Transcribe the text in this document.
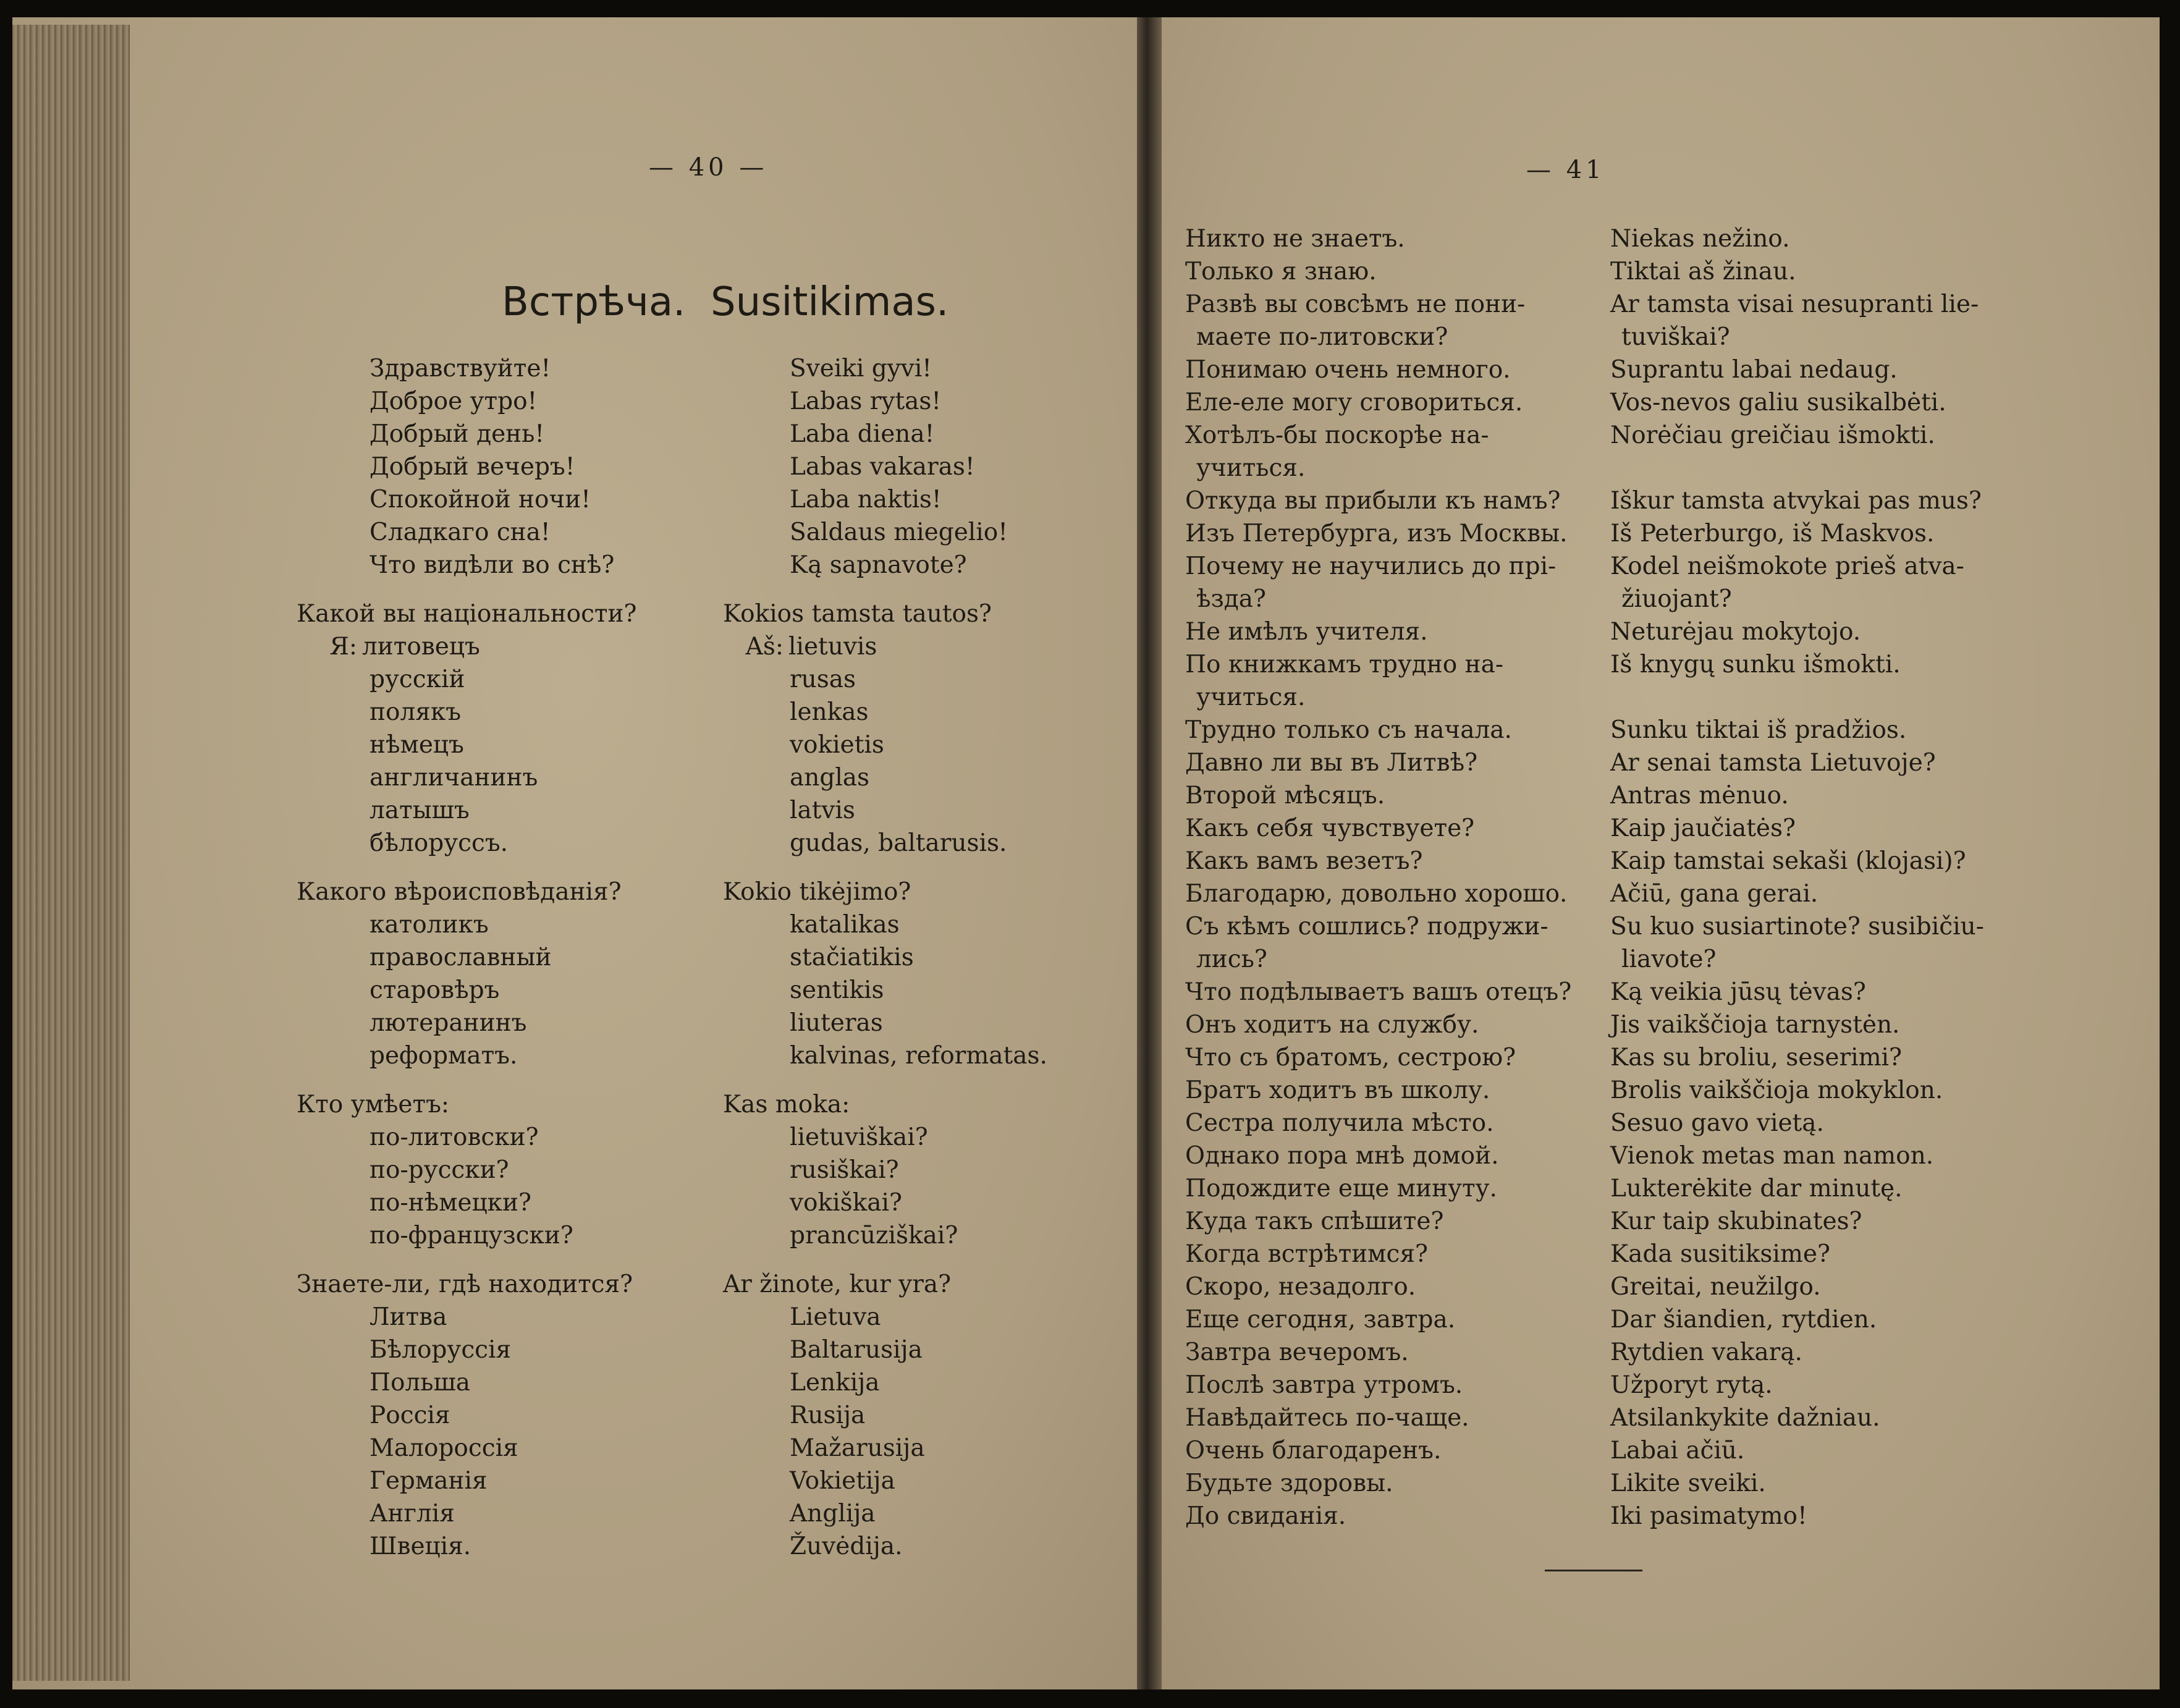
— 40 —
Встрѣча. Susitikimas.
Здравствуйте!
Доброе утро!
Добрый день!
Добрый вечеръ!
Спокойной ночи!
Сладкаго сна!
Что видѣли во снѣ?
Какой вы національности?
Я: литовецъ
русскій
полякъ
нѣмецъ
англичанинъ
латышъ
бѣлоруссъ.
Какого вѣроисповѣданія?
католикъ
православный
старовѣръ
лютеранинъ
реформатъ.
Кто умѣетъ:
по-литовски?
по-русски?
по-нѣмецки?
по-французски?
Знаете-ли, гдѣ находится?
Литва
Бѣлоруссія
Польша
Россія
Малороссія
Германія
Англія
Швеція.
Sveiki gyvi!
Labas rytas!
Laba diena!
Labas vakaras!
Laba naktis!
Saldaus miegelio!
Ką sapnavote?
Kokios tamsta tautos?
Aš: lietuvis
rusas
lenkas
vokietis
anglas
latvis
gudas, baltarusis.
Kokio tikėjimo?
katalikas
stačiatikis
sentikis
liuteras
kalvinas, reformatas.
Kas moka:
lietuviškai?
rusiškai?
vokiškai?
prancūziškai?
Ar žinote, kur yra?
Lietuva
Baltarusija
Lenkija
Rusija
Mažarusija
Vokietija
Anglija
Žuvėdija.
— 41
Никто не знаетъ.
Только я знаю.
Развѣ вы совсѣмъ не пони-
маете по-литовски?
Понимаю очень немного.
Еле-еле могу сговориться.
Хотѣлъ-бы поскорѣе на-
учиться.
Откуда вы прибыли къ намъ?
Изъ Петербурга, изъ Москвы.
Почему не научились до прі-
ѣзда?
Не имѣлъ учителя.
По книжкамъ трудно на-
учиться.
Трудно только съ начала.
Давно ли вы въ Литвѣ?
Второй мѣсяцъ.
Какъ себя чувствуете?
Какъ вамъ везетъ?
Благодарю, довольно хорошо.
Съ кѣмъ сошлись? подружи-
лись?
Что подѣлываетъ вашъ отецъ?
Онъ ходитъ на службу.
Что съ братомъ, сестрою?
Братъ ходитъ въ школу.
Сестра получила мѣсто.
Однако пора мнѣ домой.
Подождите еще минуту.
Куда такъ спѣшите?
Когда встрѣтимся?
Скоро, незадолго.
Еще сегодня, завтра.
Завтра вечеромъ.
Послѣ завтра утромъ.
Навѣдайтесь по-чаще.
Очень благодаренъ.
Будьте здоровы.
До свиданія.
Niekas nežino.
Tiktai aš žinau.
Ar tamsta visai nesupranti lie-
tuviškai?
Suprantu labai nedaug.
Vos-nevos galiu susikalbėti.
Norėčiau greičiau išmokti.
Iškur tamsta atvykai pas mus?
Iš Peterburgo, iš Maskvos.
Kodel neišmokote prieš atva-
žiuojant?
Neturėjau mokytojo.
Iš knygų sunku išmokti.
Sunku tiktai iš pradžios.
Ar senai tamsta Lietuvoje?
Antras mėnuo.
Kaip jaučiatės?
Kaip tamstai sekaši (klojasi)?
Ačiū, gana gerai.
Su kuo susiartinote? susibičiu-
liavote?
Ką veikia jūsų tėvas?
Jis vaikščioja tarnystėn.
Kas su broliu, seserimi?
Brolis vaikščioja mokyklon.
Sesuo gavo vietą.
Vienok metas man namon.
Lukterėkite dar minutę.
Kur taip skubinates?
Kada susitiksime?
Greitai, neužilgo.
Dar šiandien, rytdien.
Rytdien vakarą.
Užporyt rytą.
Atsilankykite dažniau.
Labai ačiū.
Likite sveiki.
Iki pasimatymo!
